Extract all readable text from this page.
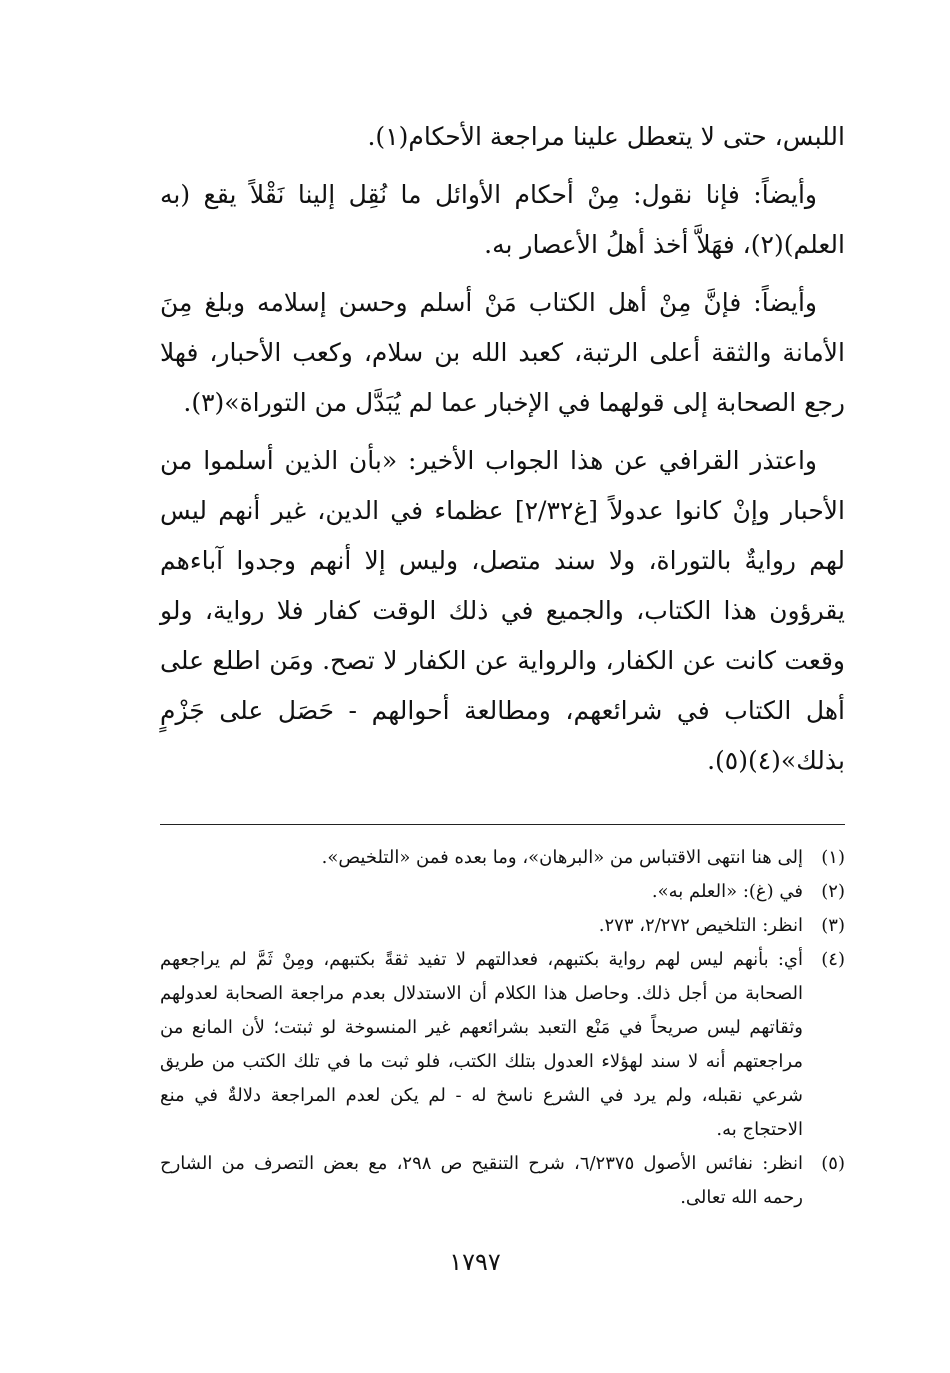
اللبس، حتى لا يتعطل علينا مراجعة الأحكام(١).

وأيضاً: فإنا نقول: مِنْ أحكام الأوائل ما نُقِل إلينا نَقْلاً يقع (به العلم)(٢)، فهَلاَّ أخذ أهلُ الأعصار به.

وأيضاً: فإنَّ مِنْ أهل الكتاب مَنْ أسلم وحسن إسلامه وبلغ مِنَ الأمانة والثقة أعلى الرتبة، كعبد الله بن سلام، وكعب الأحبار، فهلا رجع الصحابة إلى قولهما في الإخبار عما لم يُبَدَّل من التوراة»(٣).

واعتذر القرافي عن هذا الجواب الأخير: «بأن الذين أسلموا من الأحبار وإنْ كانوا عدولاً [غ٢/٣٢] عظماء في الدين، غير أنهم ليس لهم روايةٌ بالتوراة، ولا سند متصل، وليس إلا أنهم وجدوا آباءهم يقرؤون هذا الكتاب، والجميع في ذلك الوقت كفار فلا رواية، ولو وقعت كانت عن الكفار، والرواية عن الكفار لا تصح. ومَن اطلع على أهل الكتاب في شرائعهم، ومطالعة أحوالهم - حَصَل على جَزْمٍ بذلك»(٤)(٥).

(١)
إلى هنا انتهى الاقتباس من «البرهان»، وما بعده فمن «التلخيص».
(٢)
في (غ): «العلم به».
(٣)
انظر: التلخيص ٢/٢٧٢، ٢٧٣.
(٤)
أي: بأنهم ليس لهم رواية بكتبهم، فعدالتهم لا تفيد ثقةً بكتبهم، ومِنْ ثَمَّ لم يراجعهم الصحابة من أجل ذلك. وحاصل هذا الكلام أن الاستدلال بعدم مراجعة الصحابة لعدولهم وثقاتهم ليس صريحاً في مَنْع التعبد بشرائعهم غير المنسوخة لو ثبتت؛ لأن المانع من مراجعتهم أنه لا سند لهؤلاء العدول بتلك الكتب، فلو ثبت ما في تلك الكتب من طريق شرعي نقبله، ولم يرد في الشرع ناسخ له - لم يكن لعدم المراجعة دلالةٌ في منع الاحتجاج به.
(٥)
انظر: نفائس الأصول ٦/٢٣٧٥، شرح التنقيح ص ٢٩٨، مع بعض التصرف من الشارح رحمه الله تعالى.
١٧٩٧
